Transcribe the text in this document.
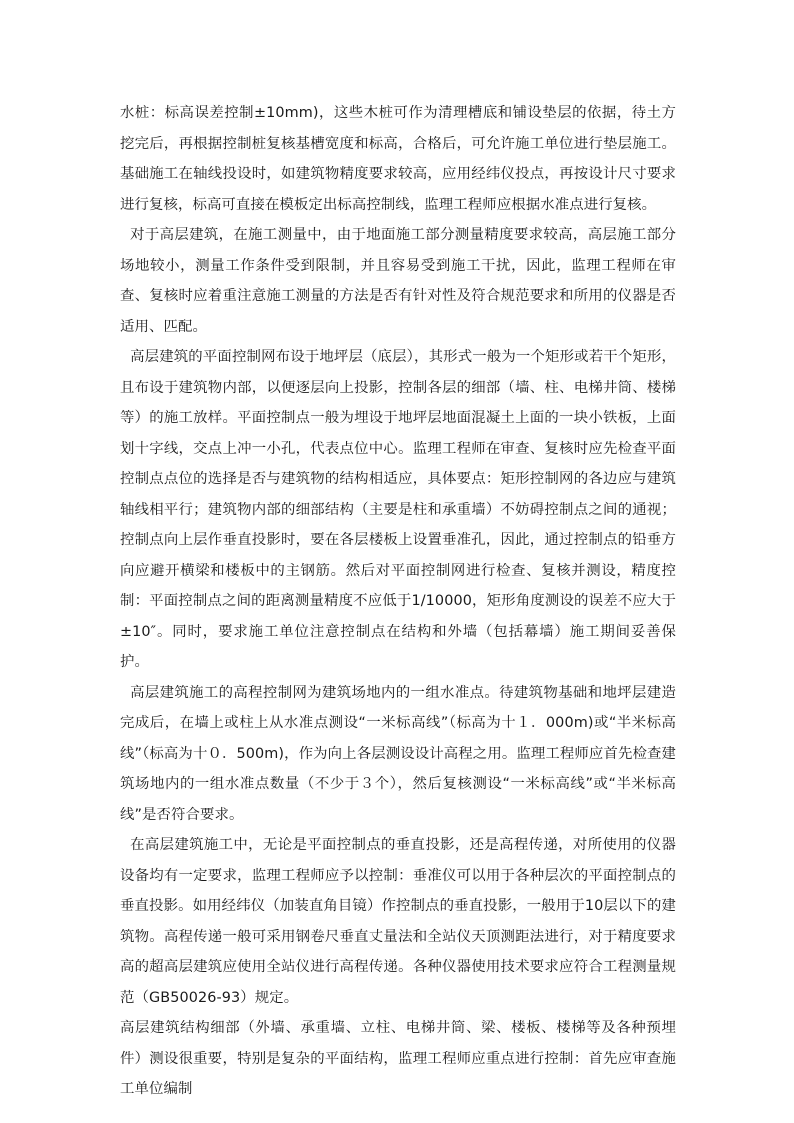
水桩：标高误差控制±10mm)，这些木桩可作为清理槽底和铺设垫层的依据，待土方挖完后，再根据控制桩复核基槽宽度和标高，合格后，可允许施工单位进行垫层施工。基础施工在轴线投设时，如建筑物精度要求较高，应用经纬仪投点，再按设计尺寸要求进行复核，标高可直接在模板定出标高控制线，监理工程师应根据水准点进行复核。

对于高层建筑，在施工测量中，由于地面施工部分测量精度要求较高，高层施工部分场地较小，测量工作条件受到限制，并且容易受到施工干扰，因此，监理工程师在审查、复核时应着重注意施工测量的方法是否有针对性及符合规范要求和所用的仪器是否适用、匹配。

高层建筑的平面控制网布设于地坪层（底层），其形式一般为一个矩形或若干个矩形，且布设于建筑物内部，以便逐层向上投影，控制各层的细部（墙、柱、电梯井筒、楼梯等）的施工放样。平面控制点一般为埋设于地坪层地面混凝土上面的一块小铁板，上面划十字线，交点上冲一小孔，代表点位中心。监理工程师在审查、复核时应先检查平面控制点点位的选择是否与建筑物的结构相适应，具体要点：矩形控制网的各边应与建筑轴线相平行；建筑物内部的细部结构（主要是柱和承重墙）不妨碍控制点之间的通视；控制点向上层作垂直投影时，要在各层楼板上设置垂准孔，因此，通过控制点的铅垂方向应避开横梁和楼板中的主钢筋。然后对平面控制网进行检查、复核并测设，精度控制：平面控制点之间的距离测量精度不应低于1/10000，矩形角度测设的误差不应大于±10″。同时，要求施工单位注意控制点在结构和外墙（包括幕墙）施工期间妥善保护。

高层建筑施工的高程控制网为建筑场地内的一组水准点。待建筑物基础和地坪层建造完成后，在墙上或柱上从水准点测设“一米标高线”（标高为十１．000m)或“半米标高线”（标高为十０．500m)，作为向上各层测设设计高程之用。监理工程师应首先检查建筑场地内的一组水准点数量（不少于３个），然后复核测设“一米标高线”或“半米标高线”是否符合要求。

在高层建筑施工中，无论是平面控制点的垂直投影，还是高程传递，对所使用的仪器设备均有一定要求，监理工程师应予以控制：垂准仪可以用于各种层次的平面控制点的垂直投影。如用经纬仪（加装直角目镜）作控制点的垂直投影，一般用于10层以下的建筑物。高程传递一般可采用钢卷尺垂直丈量法和全站仪天顶测距法进行，对于精度要求高的超高层建筑应使用全站仪进行高程传递。各种仪器使用技术要求应符合工程测量规范（GB50026-93）规定。

高层建筑结构细部（外墙、承重墙、立柱、电梯井筒、梁、楼板、楼梯等及各种预埋件）测设很重要，特别是复杂的平面结构，监理工程师应重点进行控制：首先应审查施工单位编制
